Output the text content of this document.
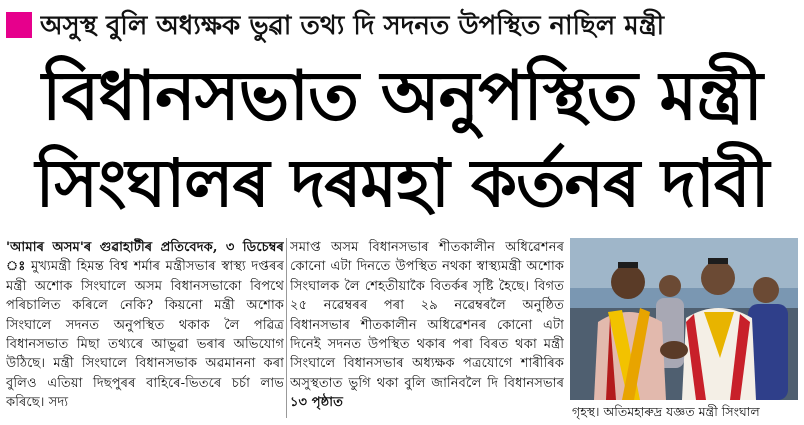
অসুস্থ বুলি অধ্যক্ষক ভুৱা তথ্য দি সদনত উপস্থিত নাছিল মন্ত্ৰী
বিধানসভাত অনুপস্থিত মন্ত্ৰী
সিংঘালৰ দৰমহা কৰ্তনৰ দাবী

'আমাৰ অসম'ৰ গুৱাহাটীৰ প্ৰতিবেদক, ৩ ডিচেম্বৰ ঃ মুখ্যমন্ত্ৰী হিমন্ত বিশ্ব শৰ্মাৰ মন্ত্ৰীসভাৰ স্বাস্থ্য দপ্তৰৰ মন্ত্ৰী অশোক সিংঘালে অসম বিধানসভাকো বিপথে পৰিচালিত কৰিলে নেকি? কিয়নো মন্ত্ৰী অশোক সিংঘালে সদনত অনুপস্থিত থকাক লৈ পৱিত্ৰ বিধানসভাত মিছা তথ্যৰে আভুৱা ভৰাৰ অভিযোগ উঠিছে। মন্ত্ৰী সিংঘালে বিধানসভাক অৱমাননা কৰা বুলিও এতিয়া দিছপুৰৰ বাহিৰে-ভিতৰে চৰ্চা লাভ কৰিছে। সদ্য

সমাপ্ত অসম বিধানসভাৰ শীতকালীন অধিৱেশনৰ কোনো এটা দিনতে উপস্থিত নথকা স্বাস্থ্যমন্ত্ৰী অশোক সিংঘালক লৈ শেহতীয়াকৈ বিতৰ্কৰ সৃষ্টি হৈছে। বিগত ২৫ নৱেম্বৰৰ পৰা ২৯ নৱেম্বৰলৈ অনুষ্ঠিত বিধানসভাৰ শীতকালীন অধিৱেশনৰ কোনো এটা দিনেই সদনত উপস্থিত থকাৰ পৰা বিৰত থকা মন্ত্ৰী সিংঘালে বিধানসভাৰ অধ্যক্ষক পত্ৰযোগে শাৰীৰিক অসুস্থতাত ভুগি থকা বুলি জানিবলৈ দি বিধানসভাৰ ১৩ পৃষ্ঠাত

গৃহস্থ। অতিমহাৰুদ্ৰ যজ্ঞত মন্ত্ৰী সিংঘাল
